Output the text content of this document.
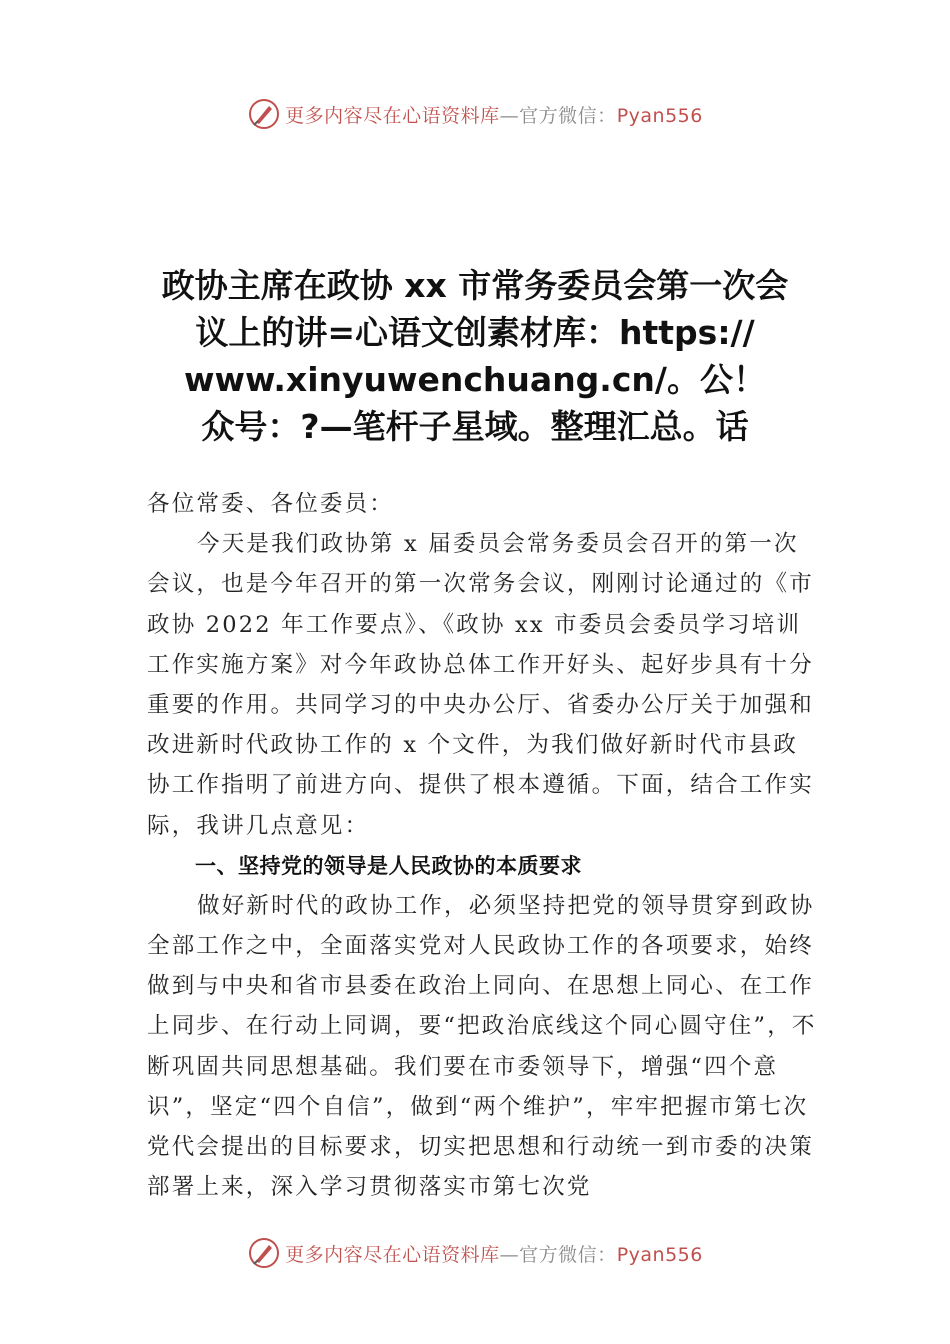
更多内容尽在心语资料库—官方微信：Pyan556
政协主席在政协 xx 市常务委员会第一次会
议上的讲=心语文创素材库：https://
www.xinyuwenchuang.cn/。公！
众号：?—笔杆子星域。整理汇总。话

各位常委、各位委员：

今天是我们政协第 x 届委员会常务委员会召开的第一次会议，也是今年召开的第一次常务会议，刚刚讨论通过的《市政协 2022 年工作要点》、《政协 xx 市委员会委员学习培训工作实施方案》对今年政协总体工作开好头、起好步具有十分重要的作用。共同学习的中央办公厅、省委办公厅关于加强和改进新时代政协工作的 x 个文件，为我们做好新时代市县政协工作指明了前进方向、提供了根本遵循。下面，结合工作实际，我讲几点意见：

一、坚持党的领导是人民政协的本质要求

做好新时代的政协工作，必须坚持把党的领导贯穿到政协全部工作之中，全面落实党对人民政协工作的各项要求，始终做到与中央和省市县委在政治上同向、在思想上同心、在工作上同步、在行动上同调，要“把政治底线这个同心圆守住”，不断巩固共同思想基础。我们要在市委领导下，增强“四个意识”，坚定“四个自信”，做到“两个维护”，牢牢把握市第七次党代会提出的目标要求，切实把思想和行动统一到市委的决策部署上来，深入学习贯彻落实市第七次党

更多内容尽在心语资料库—官方微信：Pyan556
